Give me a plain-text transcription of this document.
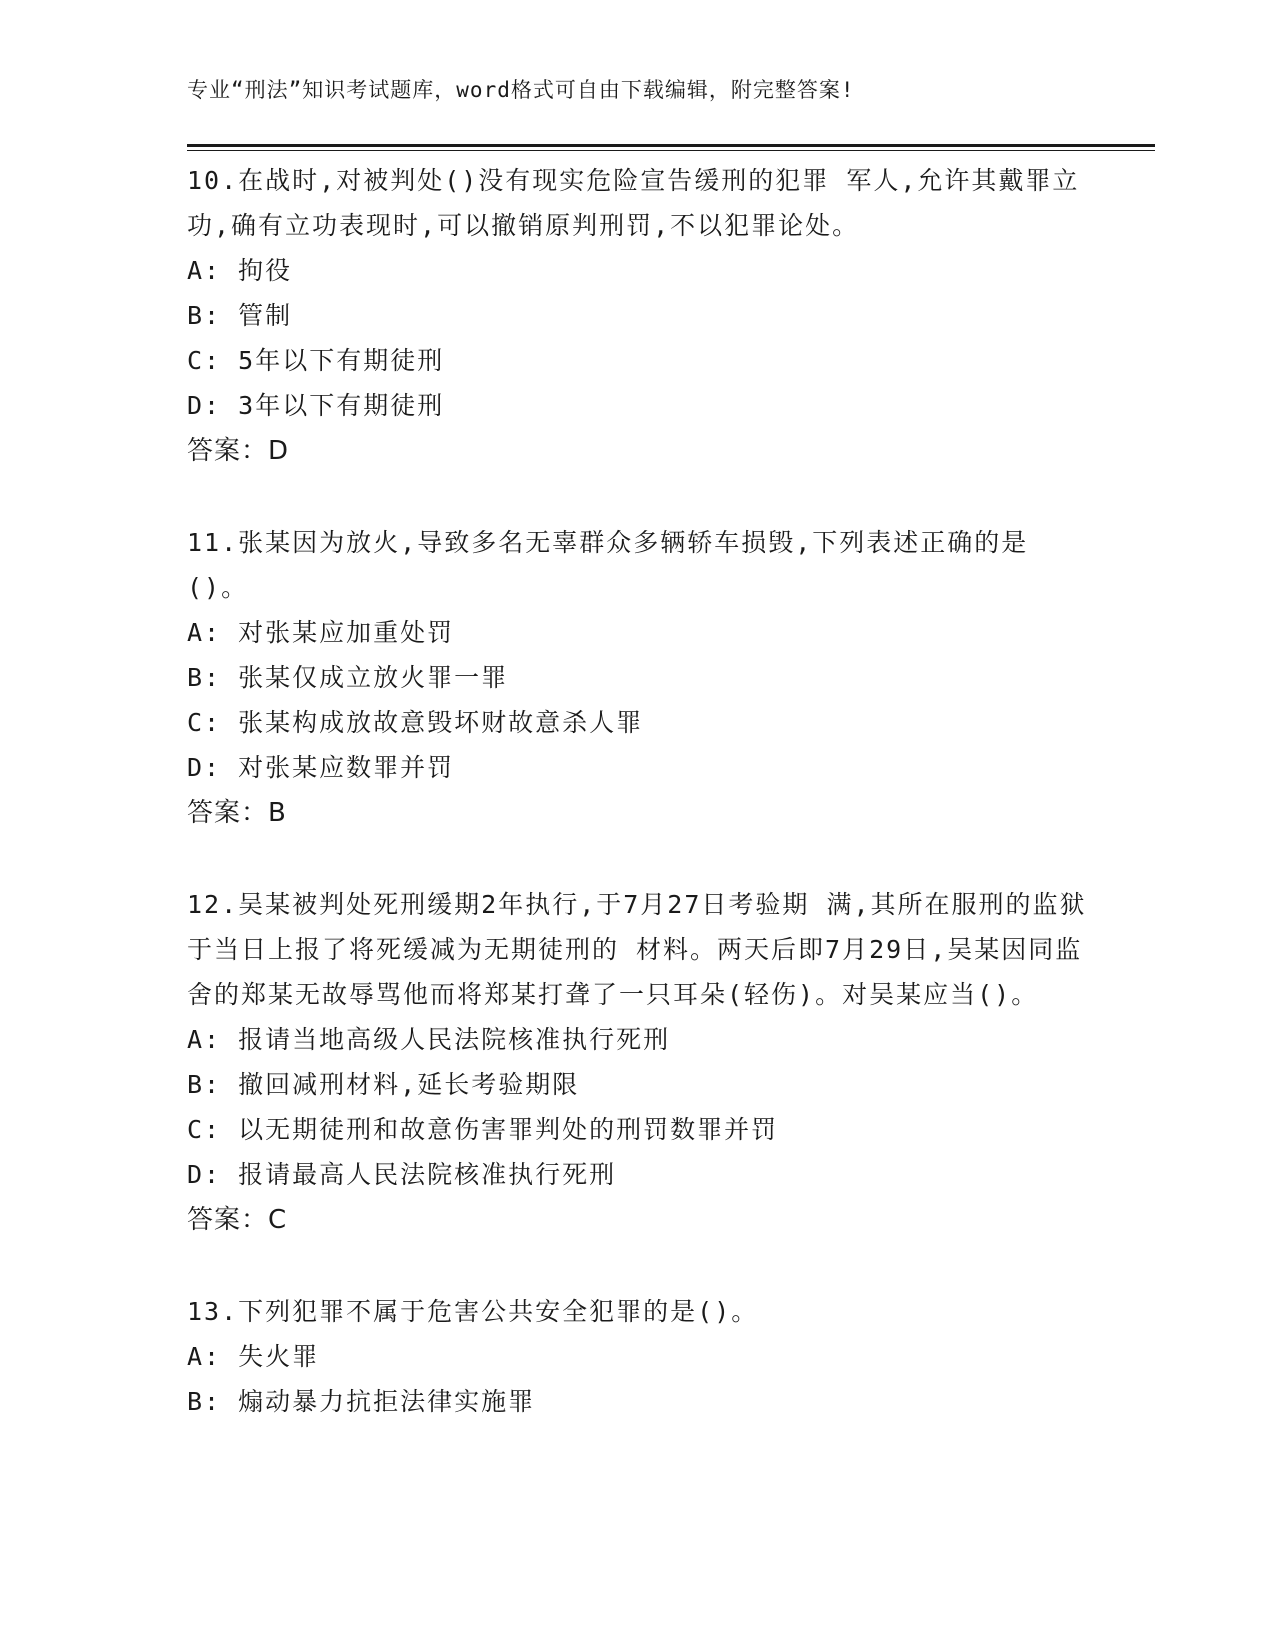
专业“刑法”知识考试题库，word格式可自由下载编辑，附完整答案!

10.在战时,对被判处()没有现实危险宣告缓刑的犯罪 军人,允许其戴罪立功,确有立功表现时,可以撤销原判刑罚,不以犯罪论处。

A: 拘役

B: 管制

C: 5年以下有期徒刑

D: 3年以下有期徒刑

答案：D

11.张某因为放火,导致多名无辜群众多辆轿车损毁,下列表述正确的是()。

A: 对张某应加重处罚

B: 张某仅成立放火罪一罪

C: 张某构成放故意毁坏财故意杀人罪

D: 对张某应数罪并罚

答案：B

12.吴某被判处死刑缓期2年执行,于7月27日考验期 满,其所在服刑的监狱于当日上报了将死缓减为无期徒刑的 材料。两天后即7月29日,吴某因同监舍的郑某无故辱骂他而将郑某打聋了一只耳朵(轻伤)。对吴某应当()。

A: 报请当地高级人民法院核准执行死刑

B: 撤回减刑材料,延长考验期限

C: 以无期徒刑和故意伤害罪判处的刑罚数罪并罚

D: 报请最高人民法院核准执行死刑

答案：C

13.下列犯罪不属于危害公共安全犯罪的是()。

A: 失火罪

B: 煽动暴力抗拒法律实施罪
